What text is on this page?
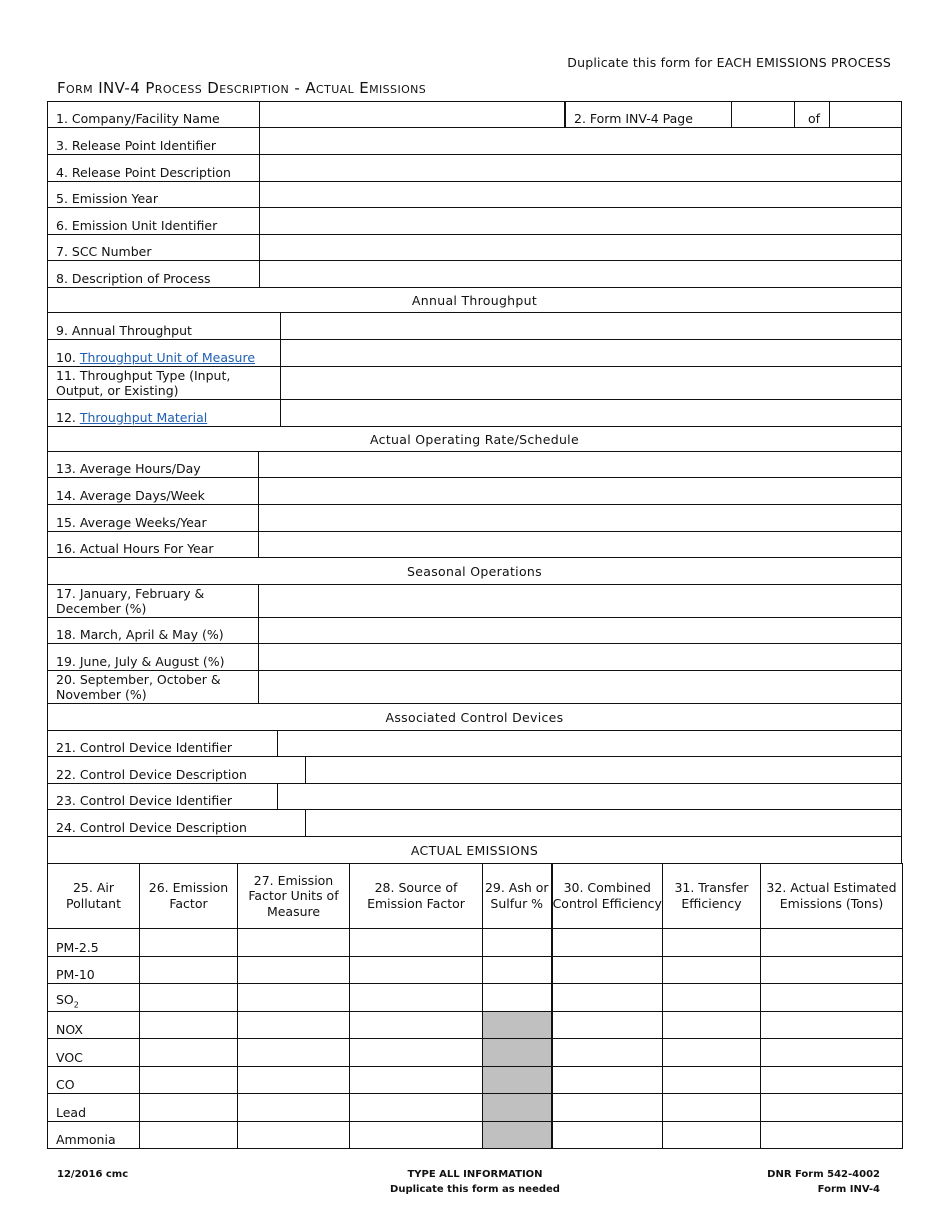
Duplicate this form for EACH EMISSIONS PROCESS
Form INV-4 Process Description - Actual Emissions
1. Company/Facility Name	2. Form INV-4 Page	of
3. Release Point Identifier
4. Release Point Description
5. Emission Year
6. Emission Unit Identifier
7. SCC Number
8. Description of Process
Annual Throughput
9. Annual Throughput
10. Throughput Unit of Measure
11. Throughput Type (Input, Output, or Existing)
12. Throughput Material
Actual Operating Rate/Schedule
13. Average Hours/Day
14. Average Days/Week
15. Average Weeks/Year
16. Actual Hours For Year
Seasonal Operations
17. January, February & December (%)
18. March, April & May (%)
19. June, July & August (%)
20. September, October & November (%)
Associated Control Devices
21. Control Device Identifier
22. Control Device Description
23. Control Device Identifier
24. Control Device Description
ACTUAL EMISSIONS
25. Air Pollutant	26. Emission Factor	27. Emission Factor Units of Measure	28. Source of Emission Factor	29. Ash or Sulfur %	30. Combined Control Efficiency	31. Transfer Efficiency	32. Actual Estimated Emissions (Tons)
PM-2.5							
PM-10							
$SO_2$							
NOX							
VOC							
CO							
Lead							
Ammonia							
12/2016 cmc	TYPE ALL INFORMATION
Duplicate this form as needed
DNR Form 542-4002
Form INV-4
